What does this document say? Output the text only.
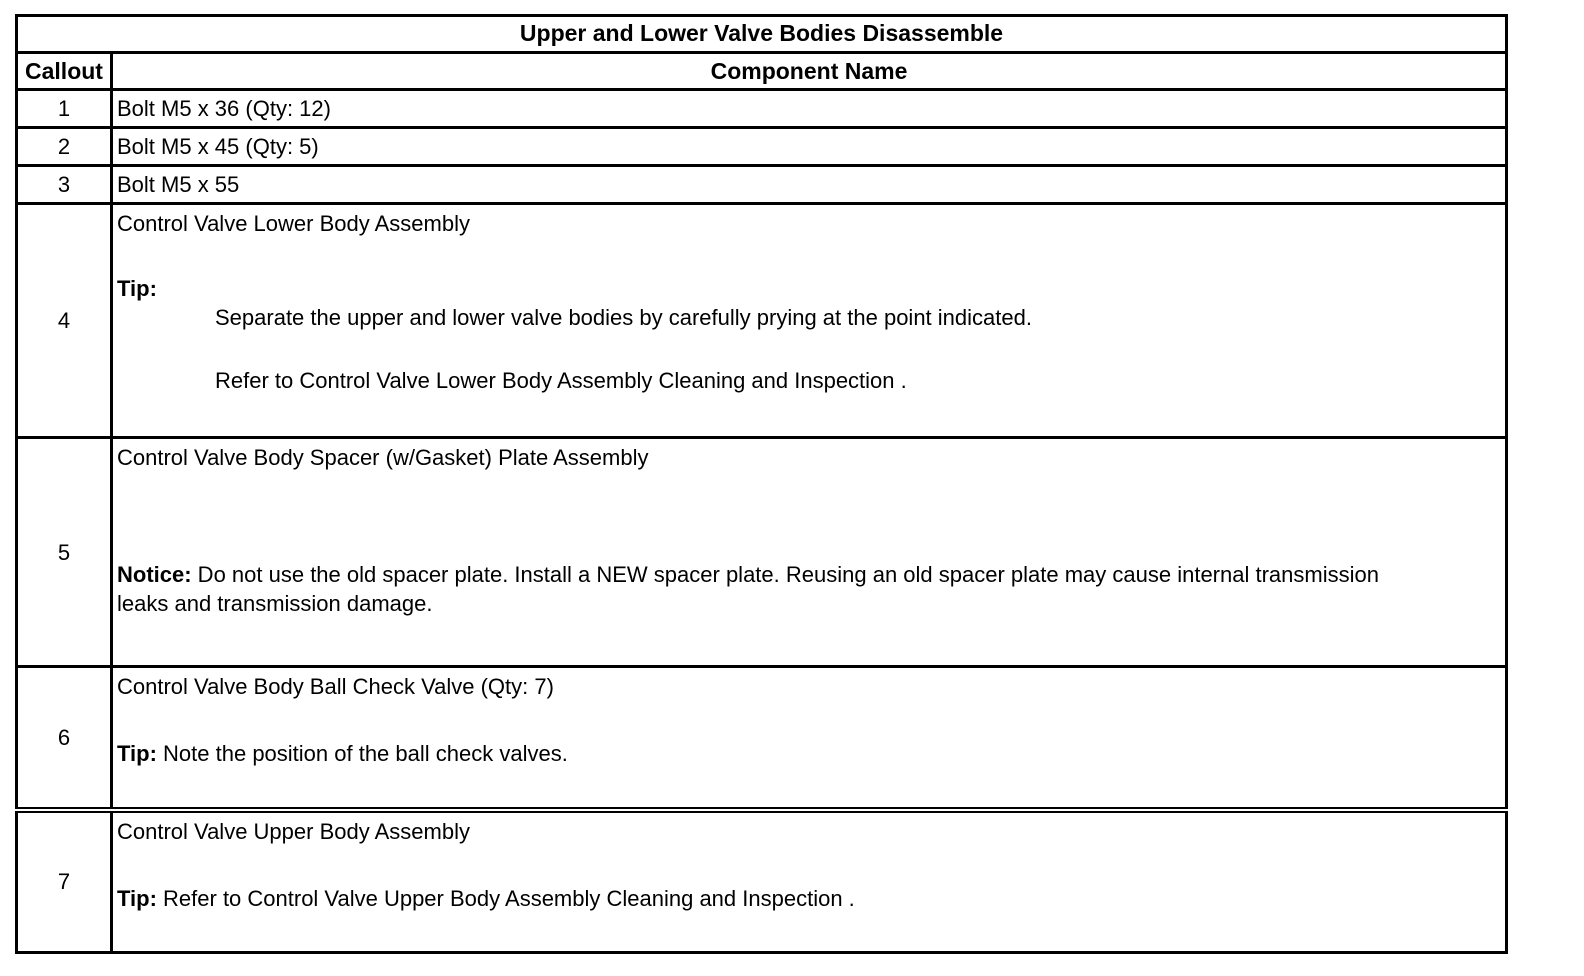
Upper and Lower Valve Bodies Disassemble	
Callout	Component Name
1	Bolt M5 x 36 (Qty: 12)
2	Bolt M5 x 45 (Qty: 5)
3	Bolt M5 x 55
4	Control Valve Lower Body Assembly
Tip:
Separate the upper and lower valve bodies by carefully prying at the point indicated.
Refer to Control Valve Lower Body Assembly Cleaning and Inspection .

5	Control Valve Body Spacer (w/Gasket) Plate Assembly
Notice: Do not use the old spacer plate. Install a NEW spacer plate. Reusing an old spacer plate may cause internal transmission leaks and transmission damage.

6	Control Valve Body Ball Check Valve (Qty: 7)
Tip: Note the position of the ball check valves.

7	Control Valve Upper Body Assembly
Tip: Refer to Control Valve Upper Body Assembly Cleaning and Inspection .
